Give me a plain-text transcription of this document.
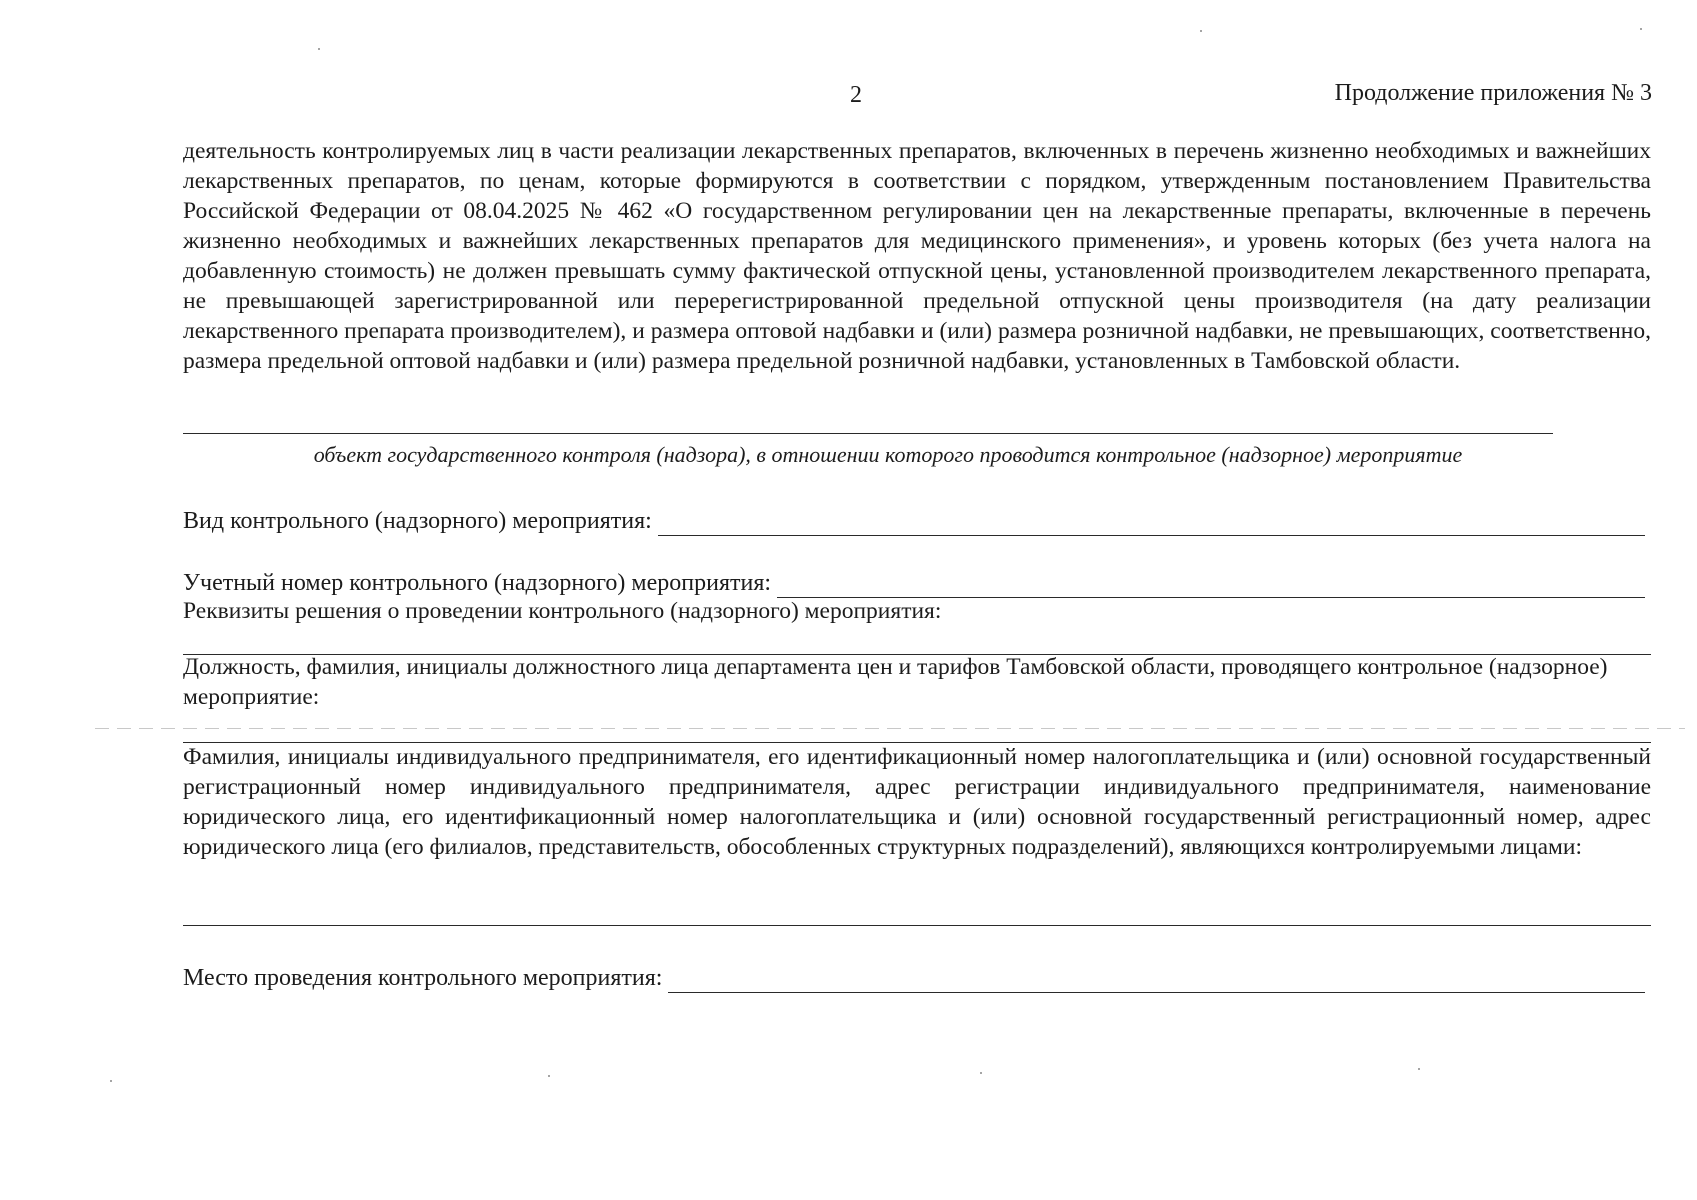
2	Продолжение приложения № 3

деятельность контролируемых лиц в части реализации лекарственных препаратов, включенных в перечень жизненно необходимых и важнейших лекарственных препаратов, по ценам, которые формируются в соответствии с порядком, утвержденным постановлением Правительства Российской Федерации от 08.04.2025 № 462 «О государственном регулировании цен на лекарственные препараты, включенные в перечень жизненно необходимых и важнейших лекарственных препаратов для медицинского применения», и уровень которых (без учета налога на добавленную стоимость) не должен превышать сумму фактической отпускной цены, установленной производителем лекарственного препарата, не превышающей зарегистрированной или перерегистрированной предельной отпускной цены производителя (на дату реализации лекарственного препарата производителем), и размера оптовой надбавки и (или) размера розничной надбавки, не превышающих, соответственно, размера предельной оптовой надбавки и (или) размера предельной розничной надбавки, установленных в Тамбовской области.

объект государственного контроля (надзора), в отношении которого проводится контрольное (надзорное) мероприятие
Вид контрольного (надзорного) мероприятия:
Учетный номер контрольного (надзорного) мероприятия:
Реквизиты решения о проведении контрольного (надзорного) мероприятия:

Должность, фамилия, инициалы должностного лица департамента цен и тарифов Тамбовской области, проводящего контрольное (надзорное) мероприятие:

Фамилия, инициалы индивидуального предпринимателя, его идентификационный номер налогоплательщика и (или) основной государственный регистрационный номер индивидуального предпринимателя, адрес регистрации индивидуального предпринимателя, наименование юридического лица, его идентификационный номер налогоплательщика и (или) основной государственный регистрационный номер, адрес юридического лица (его филиалов, представительств, обособленных структурных подразделений), являющихся контролируемыми лицами:

Место проведения контрольного мероприятия:
